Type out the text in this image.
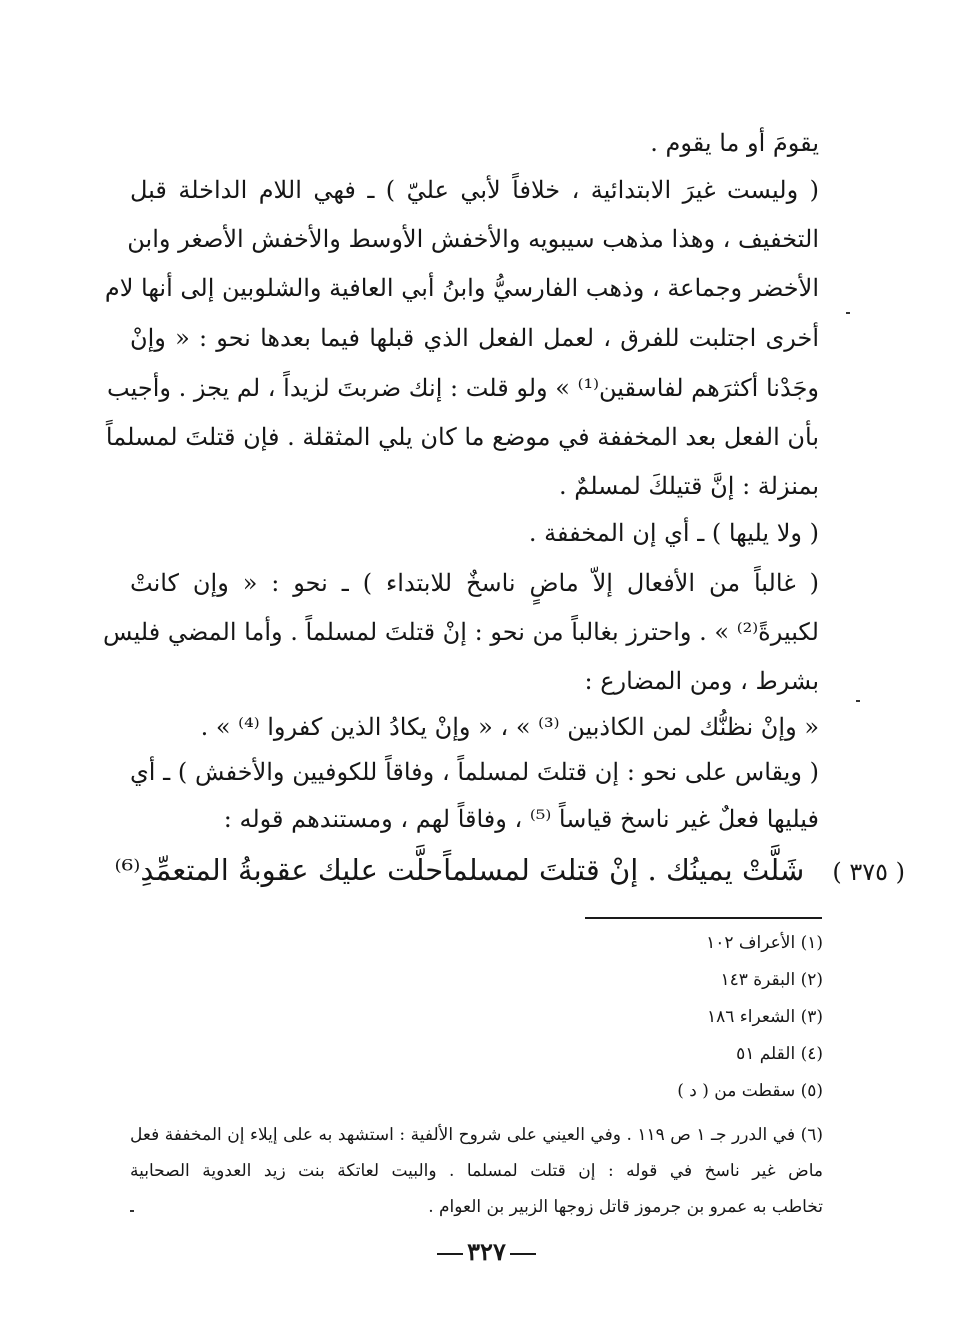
يقومَ أو ما يقوم .
( وليست غيرَ الابتدائية ، خلافاً لأبي عليّ ) ـ فهي اللام الداخلة قبل
التخفيف ، وهذا مذهب سيبويه والأخفش الأوسط والأخفش الأصغر وابن
الأخضر وجماعة ، وذهب الفارسيُّ وابنُ أبي العافية والشلوبين إلى أنها لام
أخرى اجتلبت للفرق ، لعمل الفعل الذي قبلها فيما بعدها نحو : « وإنْ
وجَدْنا أكثرَهم لفاسقين⁽¹⁾ » ولو قلت : إنك ضربتَ لزيداً ، لم يجز . وأجيب
بأن الفعل بعد المخففة في موضع ما كان يلي المثقلة . فإن قتلتَ لمسلماً
بمنزلة : إنَّ قتيلكَ لمسلمٌ .
( ولا يليها ) ـ أي إن المخففة .
( غالباً من الأفعال إلاّ ماضٍ ناسخٌ للابتداء ) ـ نحو : « وإن كانتْ
لكبيرةً⁽²⁾ » . واحترز بغالباً من نحو : إنْ قتلتَ لمسلماً . وأما المضي فليس
بشرط ، ومن المضارع :
« وإنْ نظنُّك لمن الكاذبين ⁽³⁾ » ، « وإنْ يكادُ الذين كفروا ⁽⁴⁾ » .
( ويقاس على نحو : إن قتلتَ لمسلماً ، وفاقاً للكوفيين والأخفش ) ـ أي
فيليها فعلٌ غير ناسخ قياساً ⁽⁵⁾ ، وفاقاً لهم ، ومستندهم قوله :
( ٣٧٥ )
شَلَّتْ يمينُك . إنْ قتلتَ لمسلماً
حلَّت عليك عقوبةُ المتعمِّدِ⁽⁶⁾
(١) الأعراف ١٠٢
(٢) البقرة ١٤٣
(٣) الشعراء ١٨٦
(٤) القلم ٥١
(٥) سقطت من ( د )
(٦) في الدرر جـ ١ ص ١١٩ . وفي العيني على شروح الألفية : استشهد به على إيلاء إن المخففة فعل
ماض غير ناسخ في قوله : إن قتلت لمسلما . والبيت لعاتكة بنت زيد العدوية الصحابية
تخاطب به عمرو بن جرموز قاتل زوجها الزبير بن العوام .
٣٢٧
